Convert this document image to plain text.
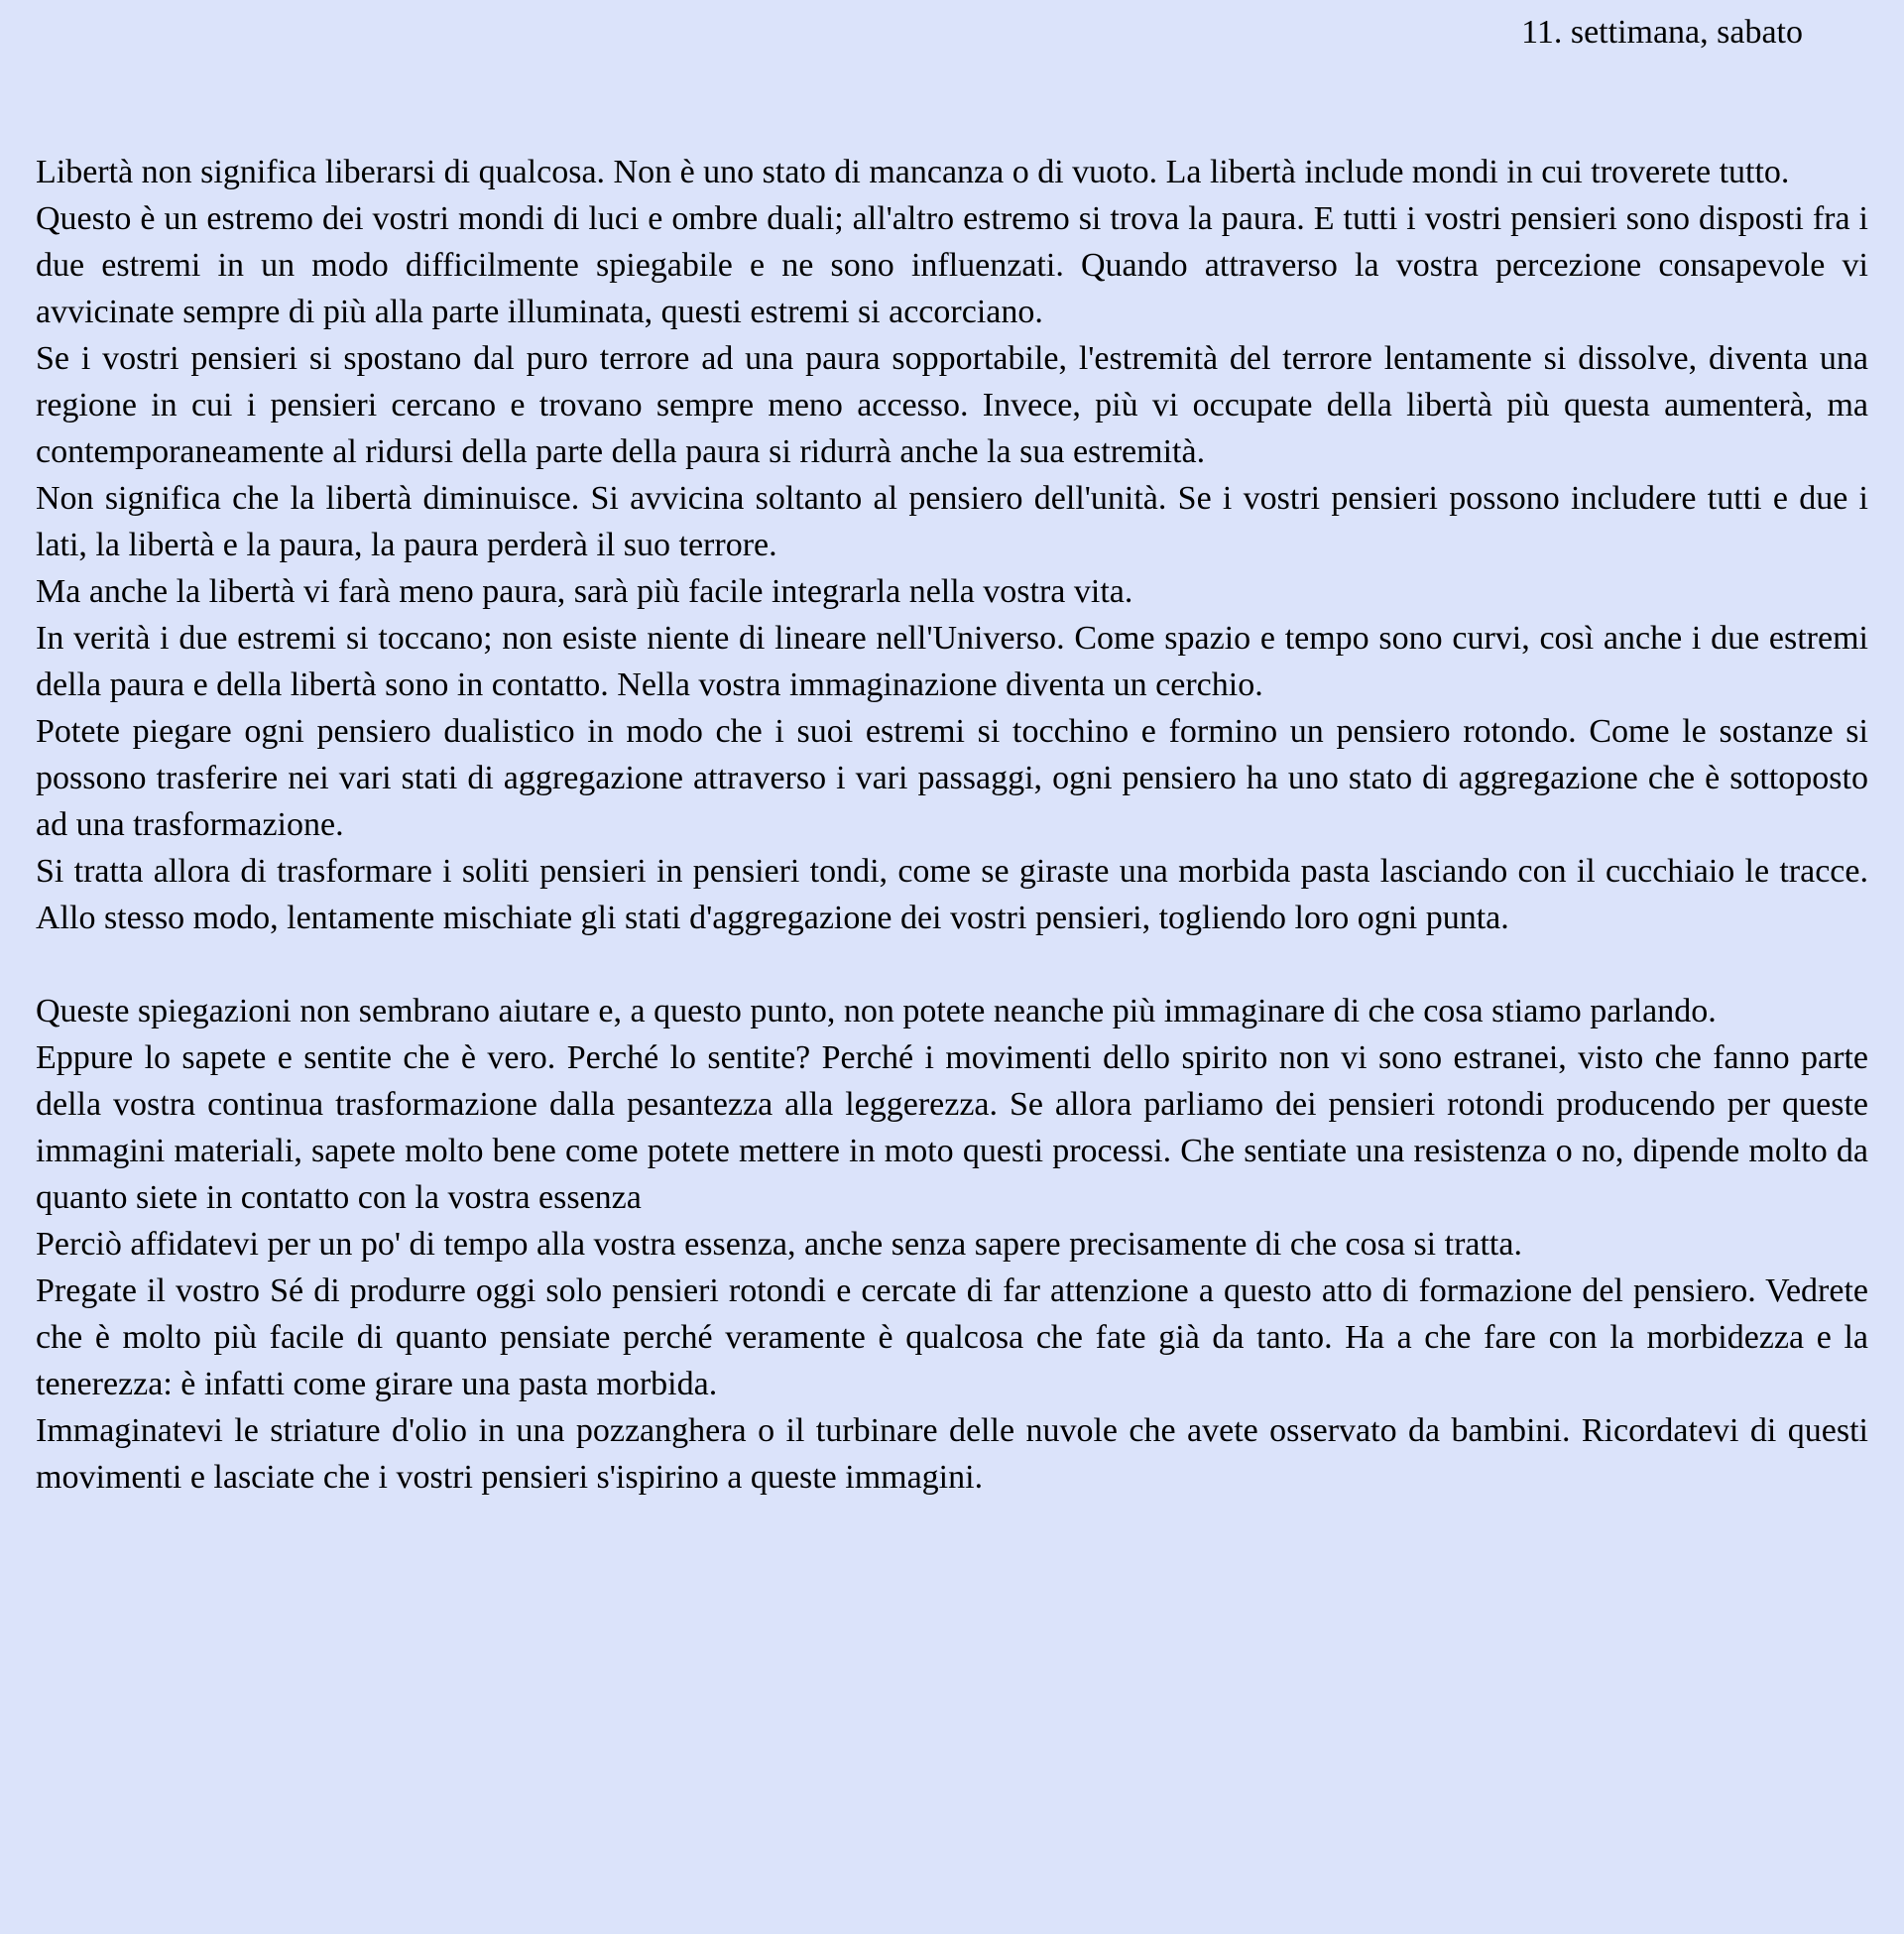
11. settimana, sabato

Libertà non significa liberarsi di qualcosa. Non è uno stato di mancanza o di vuoto. La libertà include mondi in cui troverete tutto.

Questo è un estremo dei vostri mondi di luci e ombre duali; all'altro estremo si trova la paura. E tutti i vostri pensieri sono disposti fra i due estremi in un modo difficilmente spiegabile e ne sono influenzati. Quando attraverso la vostra percezione consapevole vi avvicinate sempre di più alla parte illuminata, questi estremi si accorciano.

Se i vostri pensieri si spostano dal puro terrore ad una paura sopportabile, l'estremità del terrore lentamente si dissolve, diventa una regione in cui i pensieri cercano e trovano sempre meno accesso. Invece, più vi occupate della libertà più questa aumenterà, ma contemporaneamente al ridursi della parte della paura si ridurrà anche la sua estremità.

Non significa che la libertà diminuisce. Si avvicina soltanto al pensiero dell'unità. Se i vostri pensieri possono includere tutti e due i lati, la libertà e la paura, la paura perderà il suo terrore.

Ma anche la libertà vi farà meno paura, sarà più facile integrarla nella vostra vita.

In verità i due estremi si toccano; non esiste niente di lineare nell'Universo. Come spazio e tempo sono curvi, così anche i due estremi della paura e della libertà sono in contatto. Nella vostra immaginazione diventa un cerchio.

Potete piegare ogni pensiero dualistico in modo che i suoi estremi si tocchino e formino un pensiero rotondo. Come le sostanze si possono trasferire nei vari stati di aggregazione attraverso i vari passaggi, ogni pensiero ha uno stato di aggregazione che è sottoposto ad una trasformazione.

Si tratta allora di trasformare i soliti pensieri in pensieri tondi, come se giraste una morbida pasta lasciando con il cucchiaio le tracce. Allo stesso modo, lentamente mischiate gli stati d'aggregazione dei vostri pensieri, togliendo loro ogni punta.

Queste spiegazioni non sembrano aiutare e, a questo punto, non potete neanche più immaginare di che cosa stiamo parlando.

Eppure lo sapete e sentite che è vero. Perché lo sentite? Perché i movimenti dello spirito non vi sono estranei, visto che fanno parte della vostra continua trasformazione dalla pesantezza alla leggerezza. Se allora parliamo dei pensieri rotondi producendo per queste immagini materiali, sapete molto bene come potete mettere in moto questi processi. Che sentiate una resistenza o no, dipende molto da quanto siete in contatto con la vostra essenza

Perciò affidatevi per un po' di tempo alla vostra essenza, anche senza sapere precisamente di che cosa si tratta.

Pregate il vostro Sé di produrre oggi solo pensieri rotondi e cercate di far attenzione a questo atto di formazione del pensiero. Vedrete che è molto più facile di quanto pensiate perché veramente è qualcosa che fate già da tanto. Ha a che fare con la morbidezza e la tenerezza: è infatti come girare una pasta morbida.

Immaginatevi le striature d'olio in una pozzanghera o il turbinare delle nuvole che avete osservato da bambini. Ricordatevi di questi movimenti e lasciate che i vostri pensieri s'ispirino a queste immagini.
